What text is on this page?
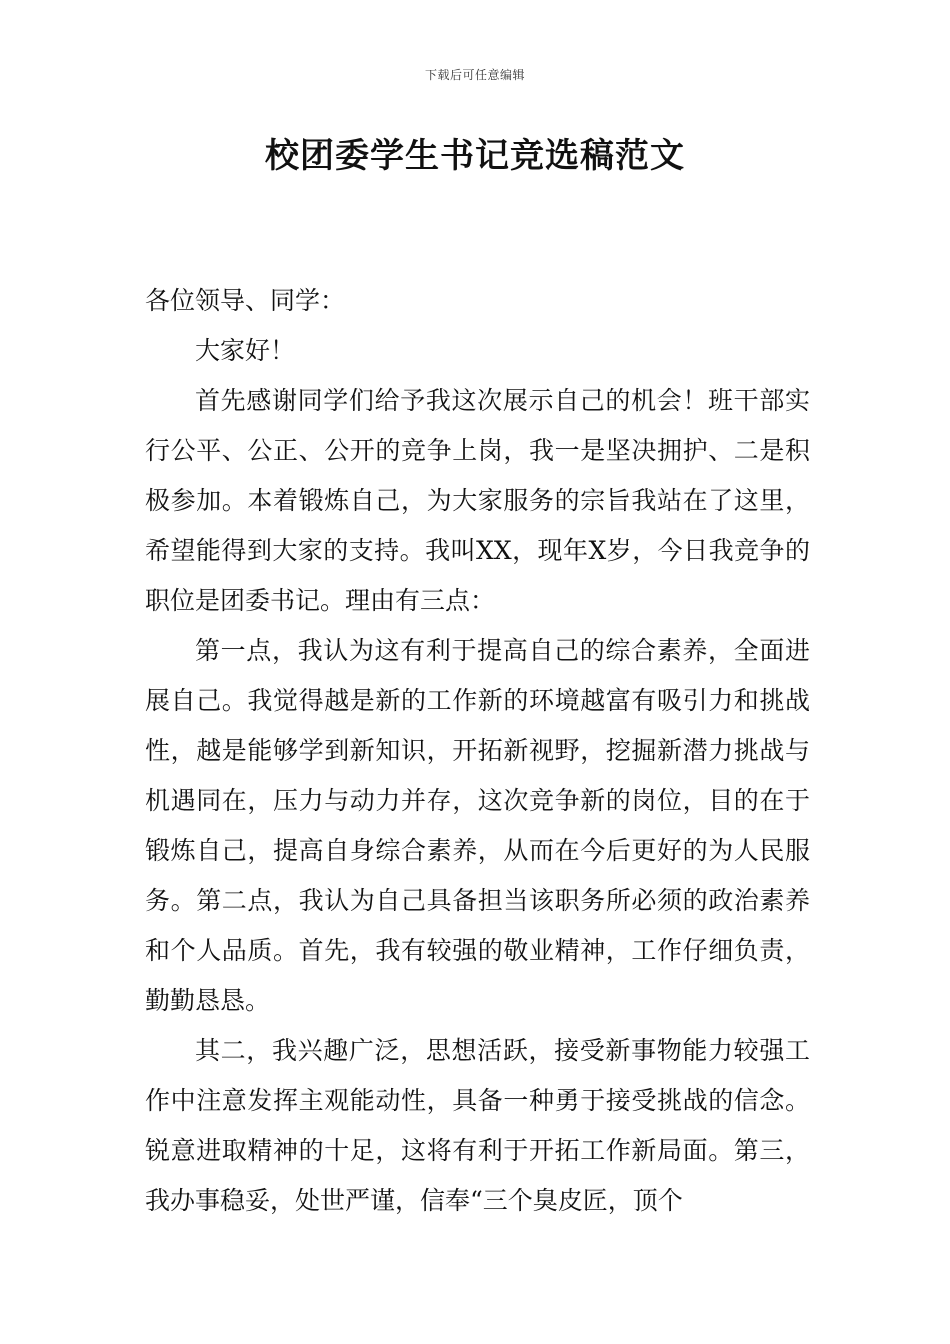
下载后可任意编辑
校团委学生书记竞选稿范文

各位领导、同学：

大家好！

首先感谢同学们给予我这次展示自己的机会！班干部实行公平、公正、公开的竞争上岗，我一是坚决拥护、二是积极参加。本着锻炼自己，为大家服务的宗旨我站在了这里，希望能得到大家的支持。我叫XX，现年X岁，今日我竞争的职位是团委书记。理由有三点：

第一点，我认为这有利于提高自己的综合素养，全面进展自己。我觉得越是新的工作新的环境越富有吸引力和挑战性，越是能够学到新知识，开拓新视野，挖掘新潜力挑战与机遇同在，压力与动力并存，这次竞争新的岗位，目的在于锻炼自己，提高自身综合素养，从而在今后更好的为人民服务。第二点，我认为自己具备担当该职务所必须的政治素养和个人品质。首先，我有较强的敬业精神，工作仔细负责，勤勤恳恳。

其二，我兴趣广泛，思想活跃，接受新事物能力较强工作中注意发挥主观能动性，具备一种勇于接受挑战的信念。锐意进取精神的十足，这将有利于开拓工作新局面。第三，我办事稳妥，处世严谨，信奉“三个臭皮匠，顶个
